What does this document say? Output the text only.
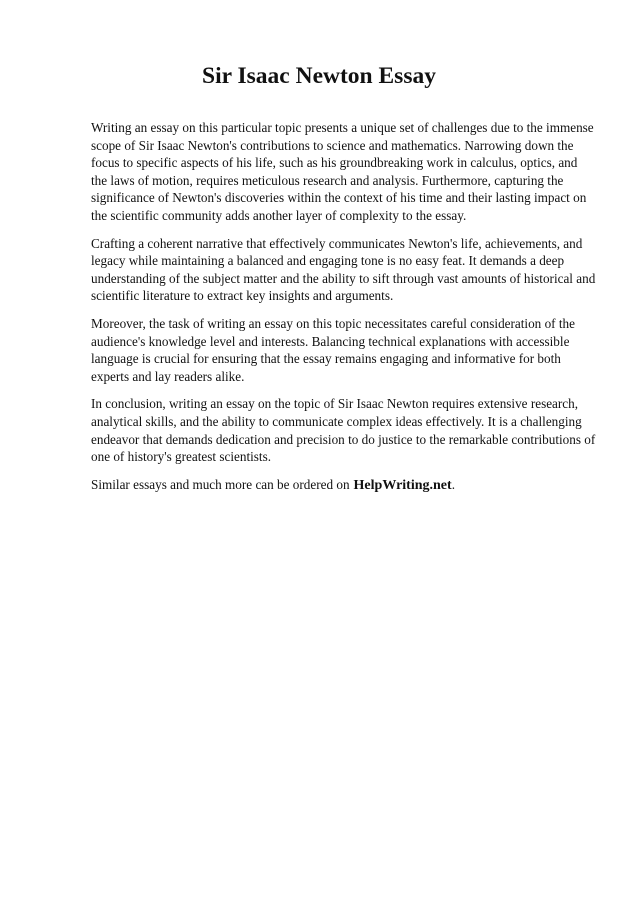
Sir Isaac Newton Essay

Writing an essay on this particular topic presents a unique set of challenges due to the immense scope of Sir Isaac Newton's contributions to science and mathematics. Narrowing down the focus to specific aspects of his life, such as his groundbreaking work in calculus, optics, and the laws of motion, requires meticulous research and analysis. Furthermore, capturing the significance of Newton's discoveries within the context of his time and their lasting impact on the scientific community adds another layer of complexity to the essay.

Crafting a coherent narrative that effectively communicates Newton's life, achievements, and legacy while maintaining a balanced and engaging tone is no easy feat. It demands a deep understanding of the subject matter and the ability to sift through vast amounts of historical and scientific literature to extract key insights and arguments.

Moreover, the task of writing an essay on this topic necessitates careful consideration of the audience's knowledge level and interests. Balancing technical explanations with accessible language is crucial for ensuring that the essay remains engaging and informative for both experts and lay readers alike.

In conclusion, writing an essay on the topic of Sir Isaac Newton requires extensive research, analytical skills, and the ability to communicate complex ideas effectively. It is a challenging endeavor that demands dedication and precision to do justice to the remarkable contributions of one of history's greatest scientists.

Similar essays and much more can be ordered on HelpWriting.net.
